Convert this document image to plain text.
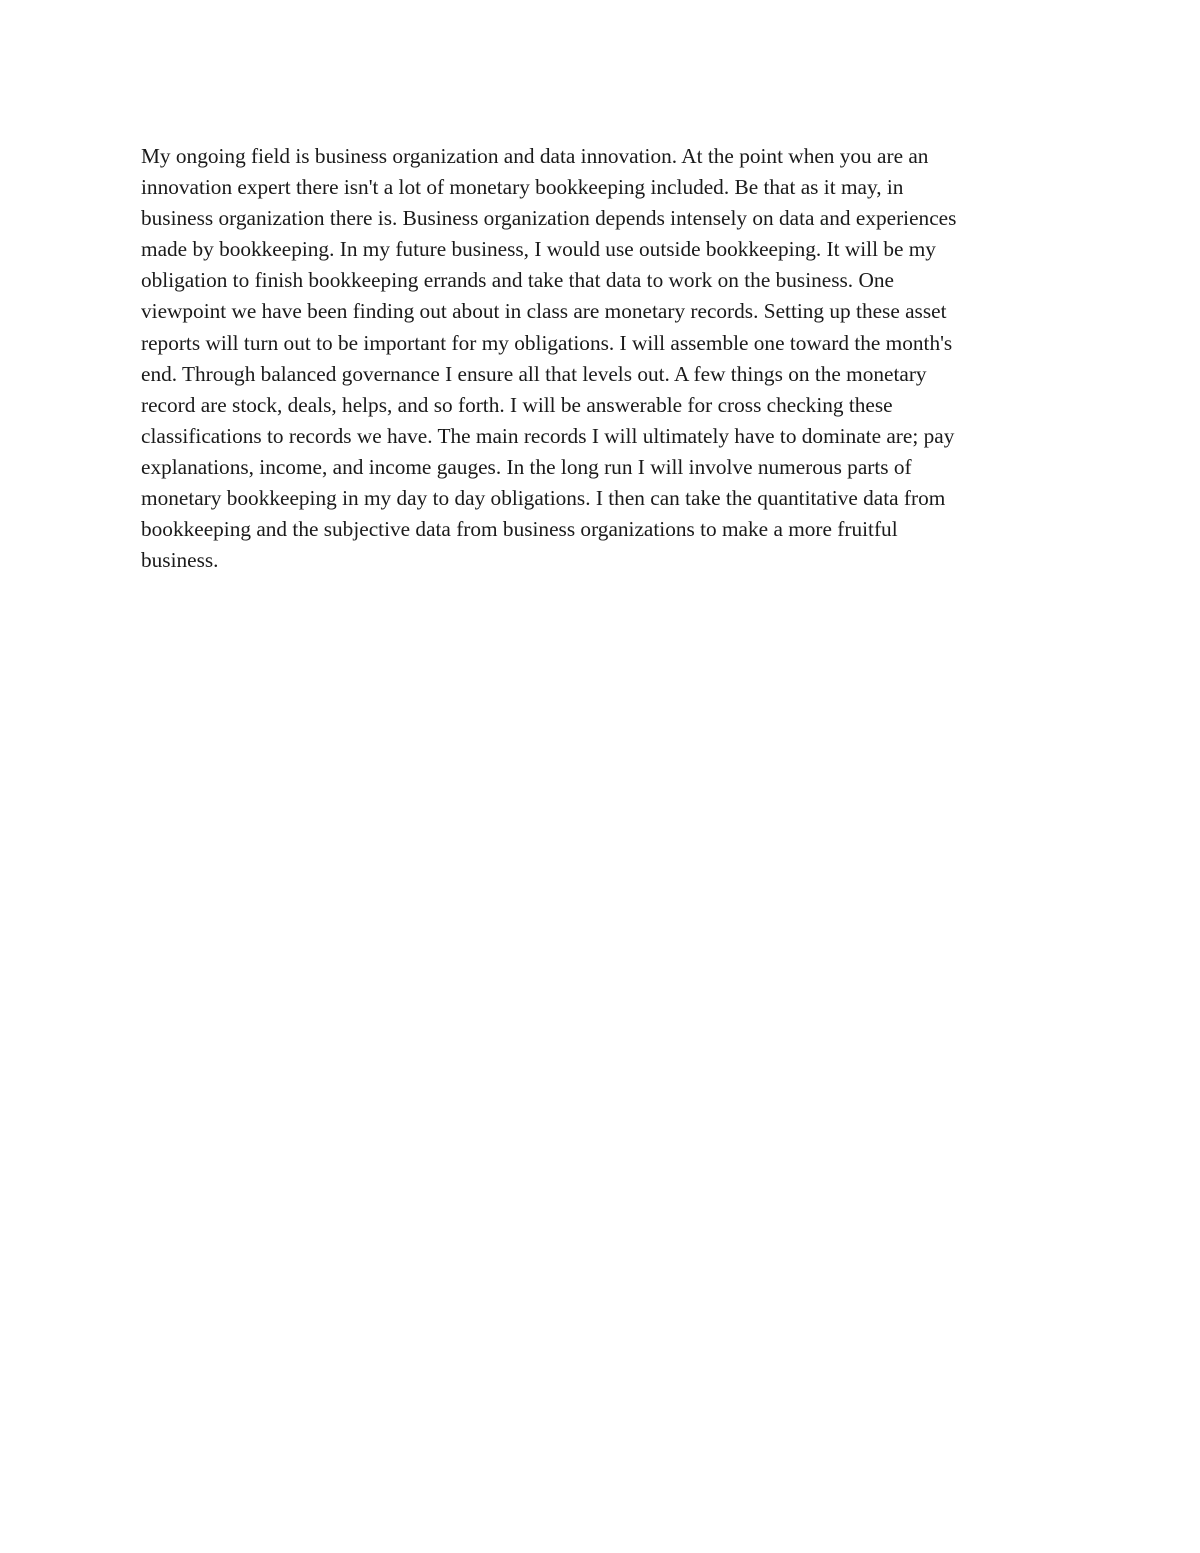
My ongoing field is business organization and data innovation. At the point when you are an
innovation expert there isn't a lot of monetary bookkeeping included. Be that as it may, in
business organization there is. Business organization depends intensely on data and experiences
made by bookkeeping. In my future business, I would use outside bookkeeping. It will be my
obligation to finish bookkeeping errands and take that data to work on the business. One
viewpoint we have been finding out about in class are monetary records. Setting up these asset
reports will turn out to be important for my obligations. I will assemble one toward the month's
end. Through balanced governance I ensure all that levels out. A few things on the monetary
record are stock, deals, helps, and so forth. I will be answerable for cross checking these
classifications to records we have. The main records I will ultimately have to dominate are; pay
explanations, income, and income gauges. In the long run I will involve numerous parts of
monetary bookkeeping in my day to day obligations. I then can take the quantitative data from
bookkeeping and the subjective data from business organizations to make a more fruitful
business.
